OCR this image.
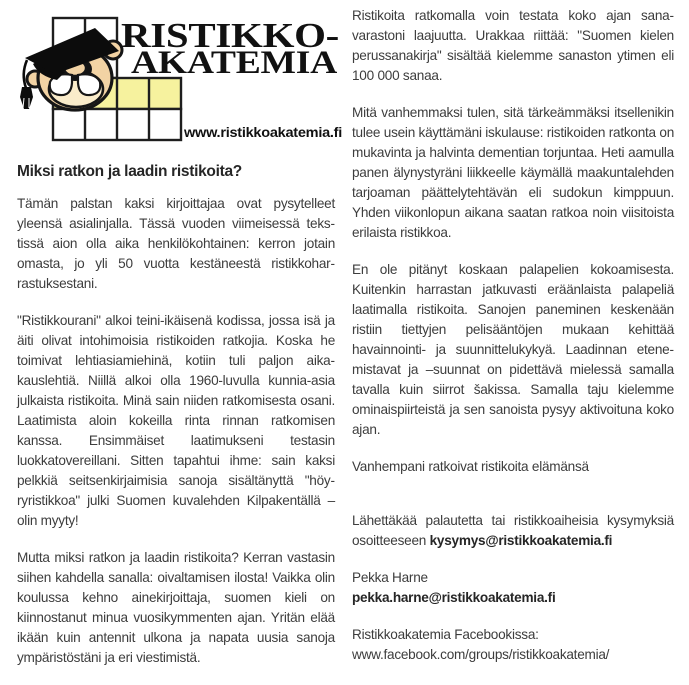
RISTIKKO-
AKATEMIA
www.ristikkoakatemia.fi
Miksi ratkon ja laadin ristikoita?

Tämän palstan kaksi kirjoittajaa ovat pysytelleet yleensä asialinjalla. Tässä vuoden viimeisessä tekstissä aion olla aika henkilökohtainen: kerron jotain omasta, jo yli 50 vuotta kestäneestä ristikkoharrastuksestani.

"Ristikkourani" alkoi teini-ikäisenä kodissa, jossa isä ja äiti olivat intohimoisia ristikoiden ratkojia. Koska he toimivat lehtiasiamiehinä, kotiin tuli paljon aikakauslehtiä. Niillä alkoi olla 1960-luvulla kunnia-asia julkaista ristikoita. Minä sain niiden ratkomisesta osani. Laatimista aloin kokeilla rinta rinnan ratkomisen kanssa. Ensimmäiset laatimukseni testasin luokkatovereillani. Sitten tapahtui ihme: sain kaksi pelkkiä seitsenkirjaimisia sanoja sisältänyttä "höyryristikkoa" julki Suomen kuvalehden Kilpakentällä – olin myyty!

Mutta miksi ratkon ja laadin ristikoita? Kerran vastasin siihen kahdella sanalla: oivaltamisen ilosta! Vaikka olin koulussa kehno ainekirjoittaja, suomen kieli on kiinnostanut minua vuosikymmenten ajan. Yritän elää ikään kuin antennit ulkona ja napata uusia sanoja ympäristöstäni ja eri viestimistä.

Ristikoita ratkomalla voin testata koko ajan sanavarastoni laajuutta. Urakkaa riittää: "Suomen kielen perussanakirja" sisältää kielemme sanaston ytimen eli 100 000 sanaa.

Mitä vanhemmaksi tulen, sitä tärkeämmäksi itsellenikin tulee usein käyttämäni iskulause: ristikoiden ratkonta on mukavinta ja halvinta dementian torjuntaa. Heti aamulla panen älynystyräni liikkeelle käymällä maakuntalehden tarjoaman päättelytehtävän eli sudokun kimppuun. Yhden viikonlopun aikana saatan ratkoa noin viisitoista erilaista ristikkoa.

En ole pitänyt koskaan palapelien kokoamisesta. Kuitenkin harrastan jatkuvasti eräänlaista palapeliä laatimalla ristikoita. Sanojen paneminen keskenään ristiin tiettyjen pelisääntöjen mukaan kehittää havainnointi- ja suunnittelukykyä. Laadinnan etenemistavat ja –suunnat on pidettävä mielessä samalla tavalla kuin siirrot šakissa. Samalla taju kielemme ominaispiirteistä ja sen sanoista pysyy aktivoituna koko ajan.

Vanhempani ratkoivat ristikoita elämänsä

Lähettäkää palautetta tai ristikkoaiheisia kysymyksiä osoitteeseen kysymys@ristikkoakatemia.fi

Pekka Harne
pekka.harne@ristikkoakatemia.fi

Ristikkoakatemia Facebookissa:
www.facebook.com/groups/ristikkoakatemia/
